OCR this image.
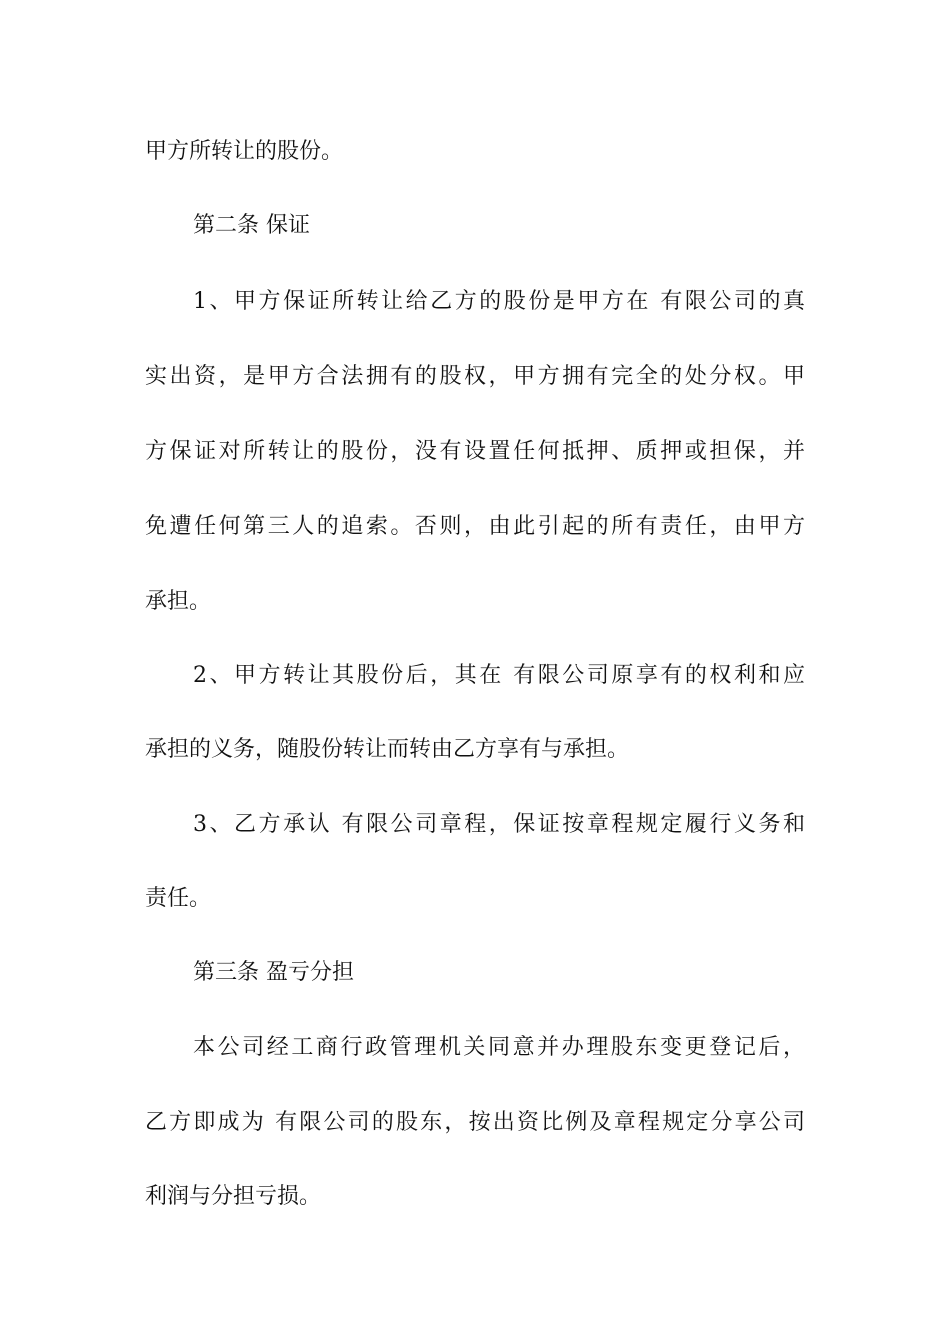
甲方所转让的股份。
第二条 保证
1、甲方保证所转让给乙方的股份是甲方在 有限公司的真
实出资，是甲方合法拥有的股权，甲方拥有完全的处分权。甲
方保证对所转让的股份，没有设置任何抵押、质押或担保，并
免遭任何第三人的追索。否则，由此引起的所有责任，由甲方
承担。
2、甲方转让其股份后，其在 有限公司原享有的权利和应
承担的义务，随股份转让而转由乙方享有与承担。
3、乙方承认 有限公司章程，保证按章程规定履行义务和
责任。
第三条 盈亏分担
本公司经工商行政管理机关同意并办理股东变更登记后，
乙方即成为 有限公司的股东，按出资比例及章程规定分享公司
利润与分担亏损。
